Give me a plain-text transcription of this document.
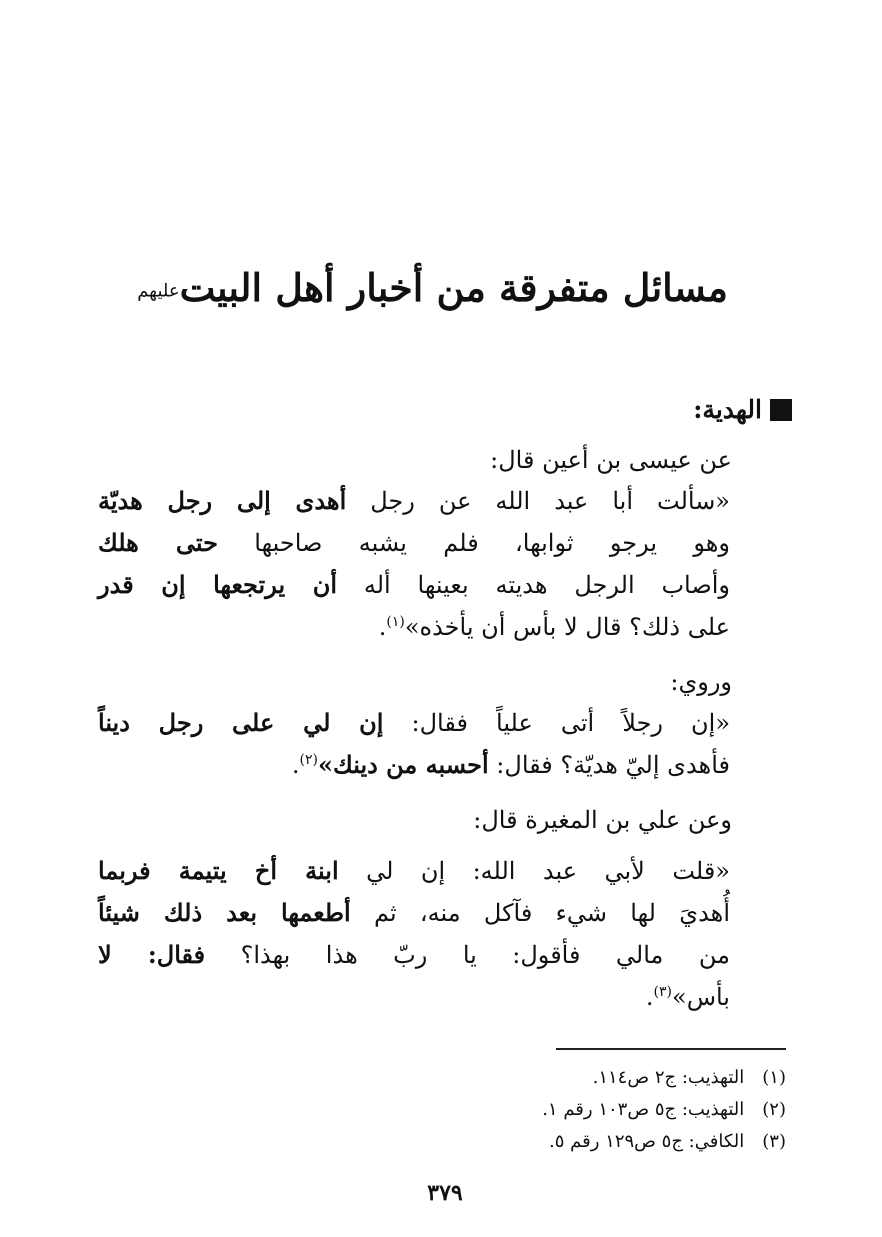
مسائل متفرقة من أخبار أهل البيتﻋﻠﻴﻬﻢ
الهدية:
عن عيسى بن أعين قال:
«سألت أبا عبد الله عن رجل أهدى إلى رجل هديّة
وهو يرجو ثوابها، فلم يشبه صاحبها حتى هلك
وأصاب الرجل هديته بعينها أله أن يرتجعها إن قدر
على ذلك؟ قال لا بأس أن يأخذه»$^{(١)}$.
وروي:
«إن رجلاً أتى علياً فقال: إن لي على رجل ديناً
فأهدى إليّ هديّة؟ فقال: أحسبه من دينك»$^{(٢)}$.
وعن علي بن المغيرة قال:
«قلت لأبي عبد الله: إن لي ابنة أخ يتيمة فربما
أُهديَ لها شيء فآكل منه، ثم أطعمها بعد ذلك شيئاً
من مالي فأقول: يا ربّ هذا بهذا؟ فقال: لا
بأس»$^{(٣)}$.
(١) التهذيب: ج٢ ص١١٤.
(٢) التهذيب: ج٥ ص١٠٣ رقم ١.
(٣) الكافي: ج٥ ص١٢٩ رقم ٥.
٣٧٩
